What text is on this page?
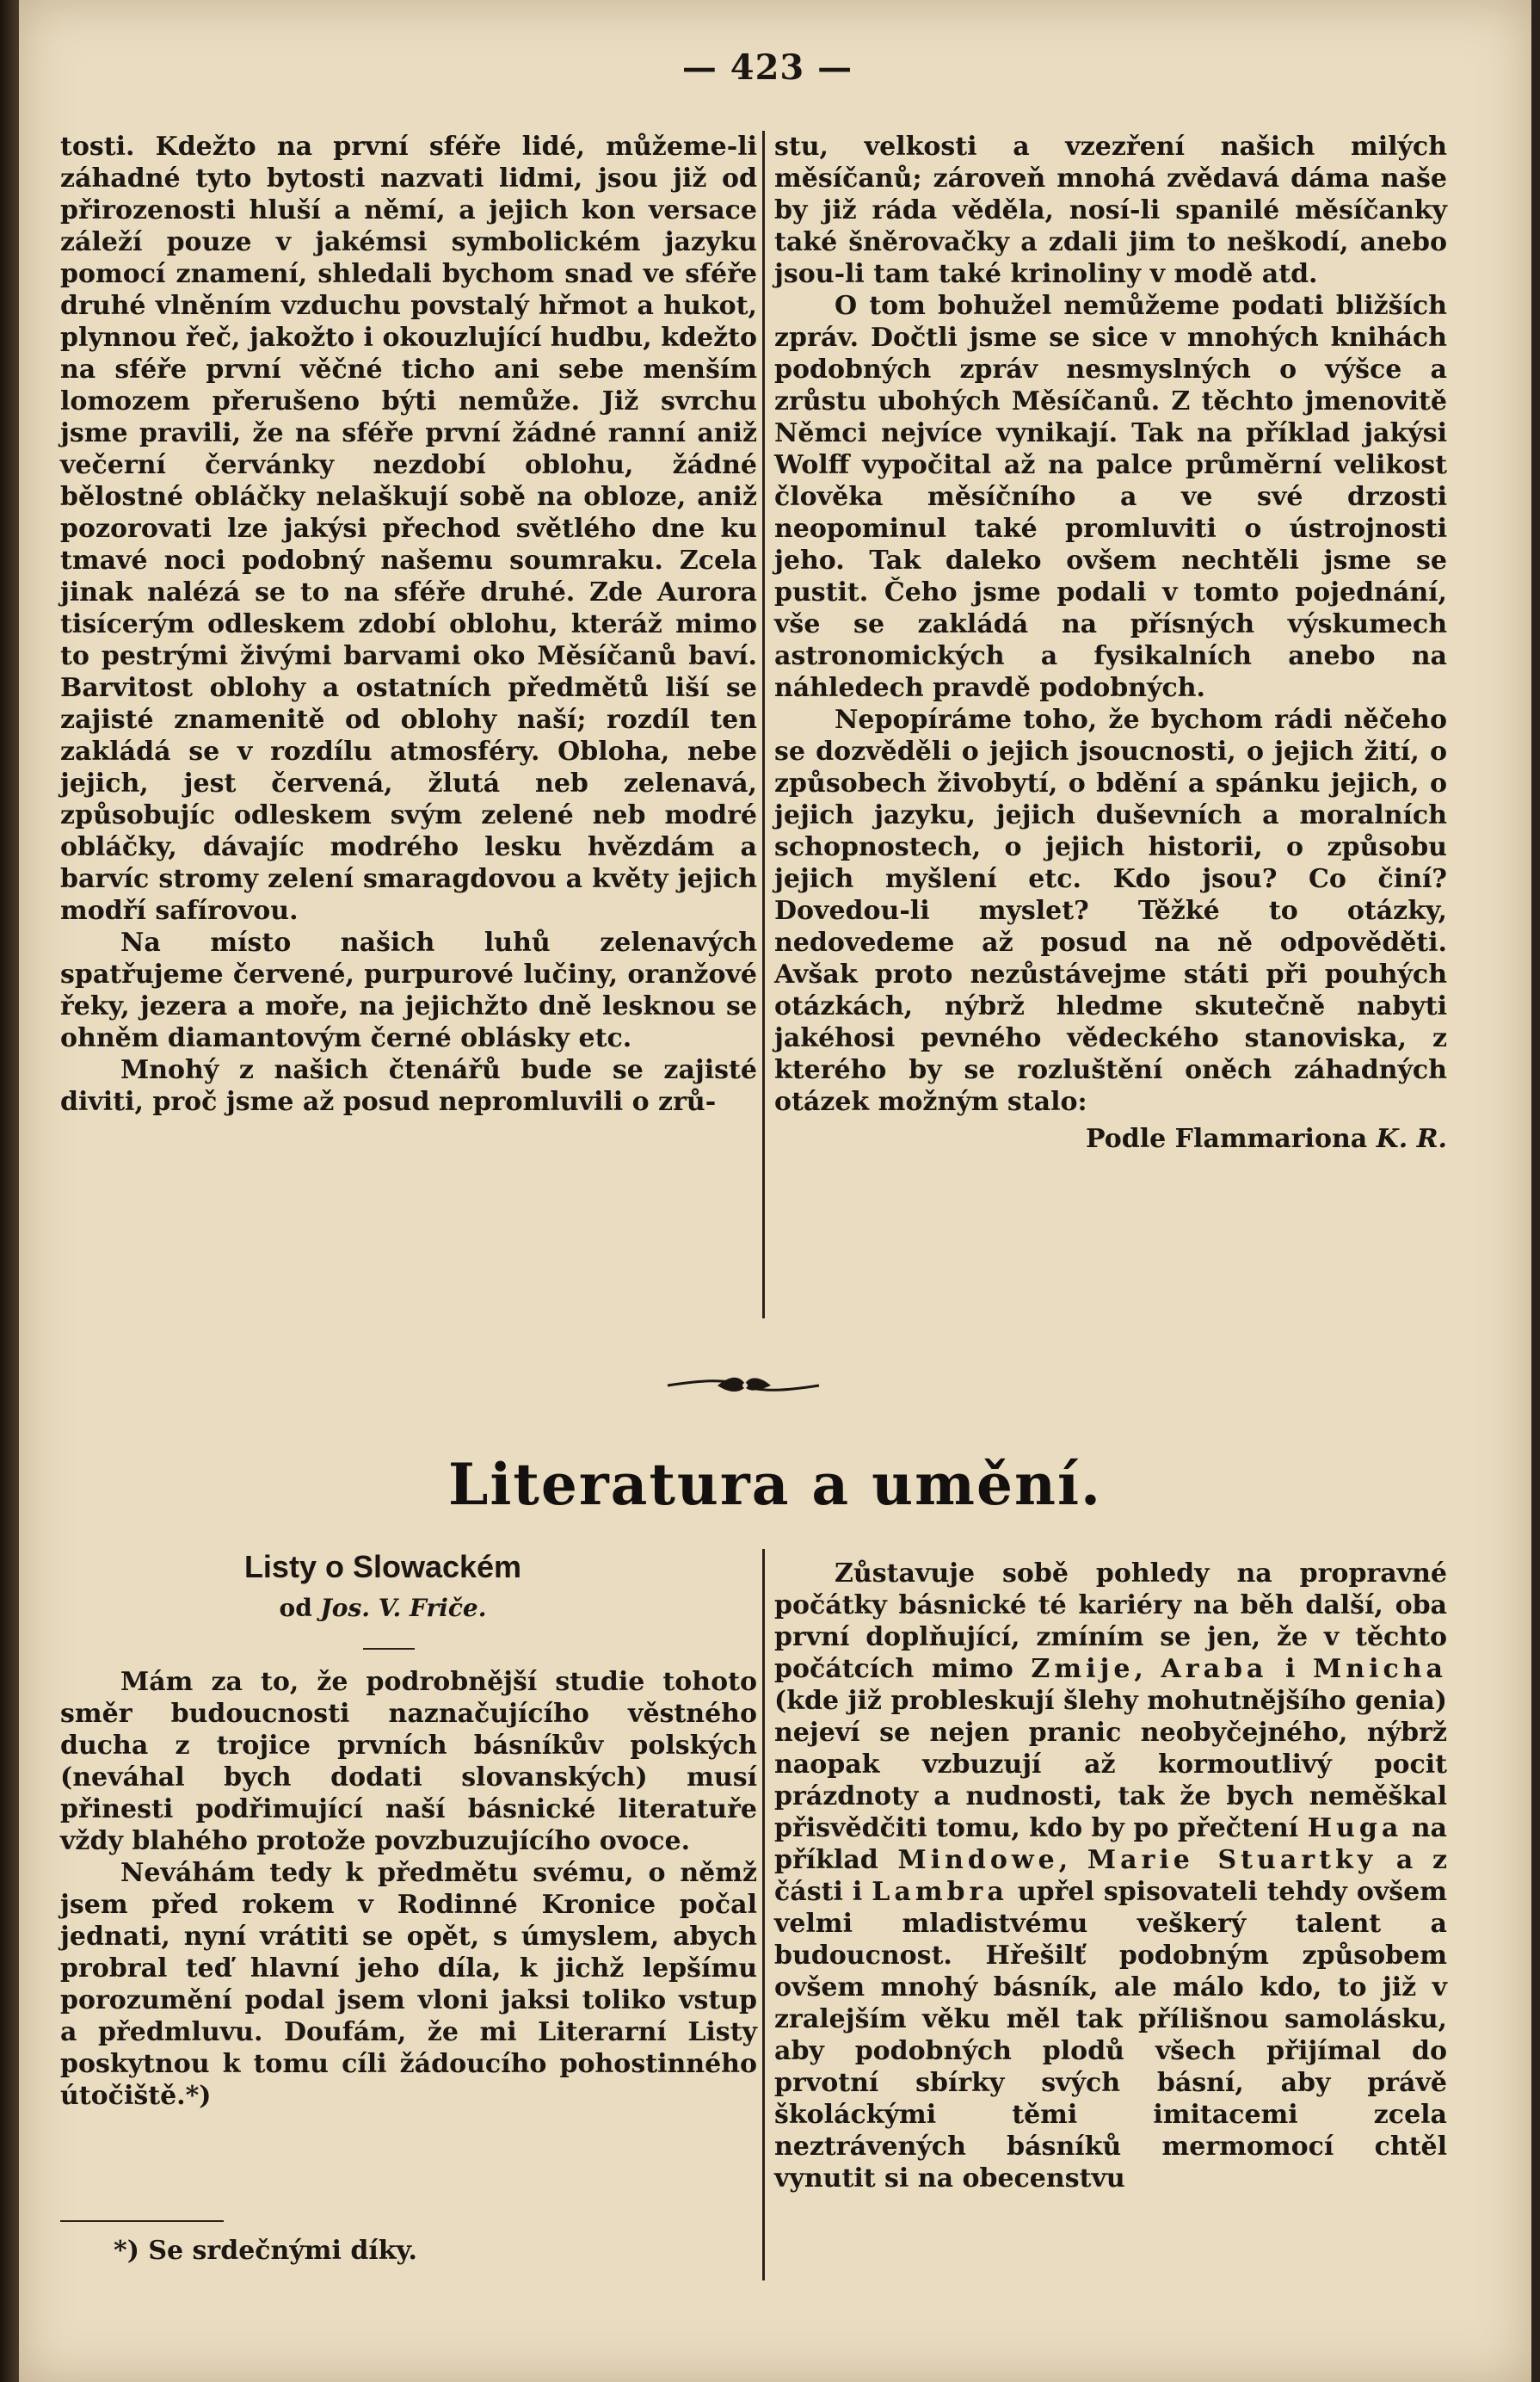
— 423 —

tosti. Kdežto na první sféře lidé, můžeme-li záhadné tyto bytosti nazvati lidmi, jsou již od přirozenosti hluší a němí, a jejich kon versace záleží pouze v jakémsi symbolickém jazyku pomocí znamení, shledali bychom snad ve sféře druhé vlněním vzduchu povstalý hřmot a hukot, plynnou řeč, jakožto i okouzlující hudbu, kdežto na sféře první věčné ticho ani sebe menším lomozem přerušeno býti nemůže. Již svrchu jsme pravili, že na sféře první žádné ranní aniž večerní červánky nezdobí oblohu, žádné bělostné obláčky nelaškují sobě na obloze, aniž pozorovati lze jakýsi přechod světlého dne ku tmavé noci podobný našemu soumraku. Zcela jinak nalézá se to na sféře druhé. Zde Aurora tisícerým odleskem zdobí oblohu, kteráž mimo to pestrými živými barvami oko Měsíčanů baví. Barvitost oblohy a ostatních předmětů liší se zajisté znamenitě od oblohy naší; rozdíl ten zakládá se v rozdílu atmosféry. Obloha, nebe jejich, jest červená, žlutá neb zelenavá, způsobujíc odleskem svým zelené neb modré obláčky, dávajíc modrého lesku hvězdám a barvíc stromy zelení smaragdovou a květy jejich modří safírovou.

Na místo našich luhů zelenavých spatřujeme červené, purpurové lučiny, oranžové řeky, jezera a moře, na jejichžto dně lesknou se ohněm diamantovým černé oblásky etc.

Mnohý z našich čtenářů bude se zajisté diviti, proč jsme až posud nepromluvili o zrů-

stu, velkosti a vzezření našich milých měsíčanů; zároveň mnohá zvědavá dáma naše by již ráda věděla, nosí-li spanilé měsíčanky také šněrovačky a zdali jim to neškodí, anebo jsou-li tam také krinoliny v modě atd.

O tom bohužel nemůžeme podati bližších zpráv. Dočtli jsme se sice v mnohých knihách podobných zpráv nesmyslných o výšce a zrůstu ubohých Měsíčanů. Z těchto jmenovitě Němci nejvíce vynikají. Tak na příklad jakýsi Wolff vypočital až na palce průměrní velikost člověka měsíčního a ve své drzosti neopominul také promluviti o ústrojnosti jeho. Tak daleko ovšem nechtěli jsme se pustit. Čeho jsme podali v tomto pojednání, vše se zakládá na přísných výskumech astronomických a fysikalních anebo na náhledech pravdě podobných.

Nepopíráme toho, že bychom rádi něčeho se dozvěděli o jejich jsoucnosti, o jejich žití, o způsobech živobytí, o bdění a spánku jejich, o jejich jazyku, jejich duševních a moralních schopnostech, o jejich historii, o způsobu jejich myšlení etc. Kdo jsou? Co činí? Dovedou-li myslet? Těžké to otázky, nedovedeme až posud na ně odpověděti. Avšak proto nezůstávejme státi při pouhých otázkách, nýbrž hledme skutečně nabyti jakéhosi pevného vědeckého stanoviska, z kterého by se rozluštění oněch záhadných otázek možným stalo:

Podle Flammariona K. R.
Literatura a umění.
Listy o Slowackém
od Jos. V. Friče.

Mám za to, že podrobnější studie tohoto směr budoucnosti naznačujícího věstného ducha z trojice prvních básníkův polských (neváhal bych dodati slovanských) musí přinesti podřimující naší básnické literatuře vždy blahého protože povzbuzujícího ovoce.

Neváhám tedy k předmětu svému, o němž jsem před rokem v Rodinné Kronice počal jednati, nyní vrátiti se opět, s úmyslem, abych probral teď hlavní jeho díla, k jichž lepšímu porozumění podal jsem vloni jaksi toliko vstup a předmluvu. Doufám, že mi Literarní Listy poskytnou k tomu cíli žádoucího pohostinného útočiště.*)

*) Se srdečnými díky.

Zůstavuje sobě pohledy na propravné počátky básnické té kariéry na běh další, oba první doplňující, zmíním se jen, že v těchto počátcích mimo Zmije, Araba i Mnicha (kde již probleskují šlehy mohutnějšího genia) nejeví se nejen pranic neobyčejného, nýbrž naopak vzbuzují až kormoutlivý pocit prázdnoty a nudnosti, tak že bych neměškal přisvědčiti tomu, kdo by po přečtení Huga na příklad Mindowe, Marie Stuartky a z části i Lambra upřel spisovateli tehdy ovšem velmi mladistvému veškerý talent a budoucnost. Hřešilť podobným způsobem ovšem mnohý básník, ale málo kdo, to již v zralejším věku měl tak přílišnou samolásku, aby podobných plodů všech přijímal do prvotní sbírky svých básní, aby právě školáckými těmi imitacemi zcela neztrávených básníků mermomocí chtěl vynutit si na obecenstvu
